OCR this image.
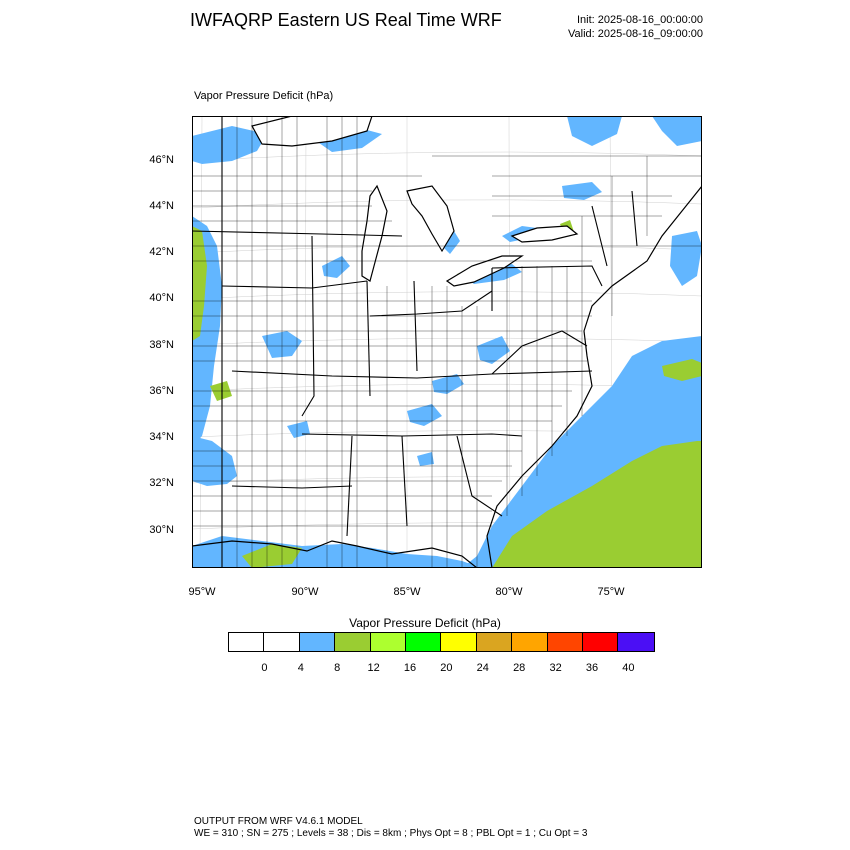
IWFAQRP Eastern US Real Time WRF	Init: 2025-08-16_00:00:00
Valid: 2025-08-16_09:00:00
Vapor Pressure Deficit (hPa)
46°N
44°N
42°N
40°N
38°N
36°N
34°N
32°N
30°N
95°W	90°W	85°W	80°W	75°W
Vapor Pressure Deficit (hPa)
0	4	8 12 16 20 24 28 32 36 40
OUTPUT FROM WRF V4.6.1 MODEL
WE = 310 ; SN = 275 ; Levels = 38 ; Dis = 8km ; Phys Opt = 8 ; PBL Opt = 1 ; Cu Opt = 3
